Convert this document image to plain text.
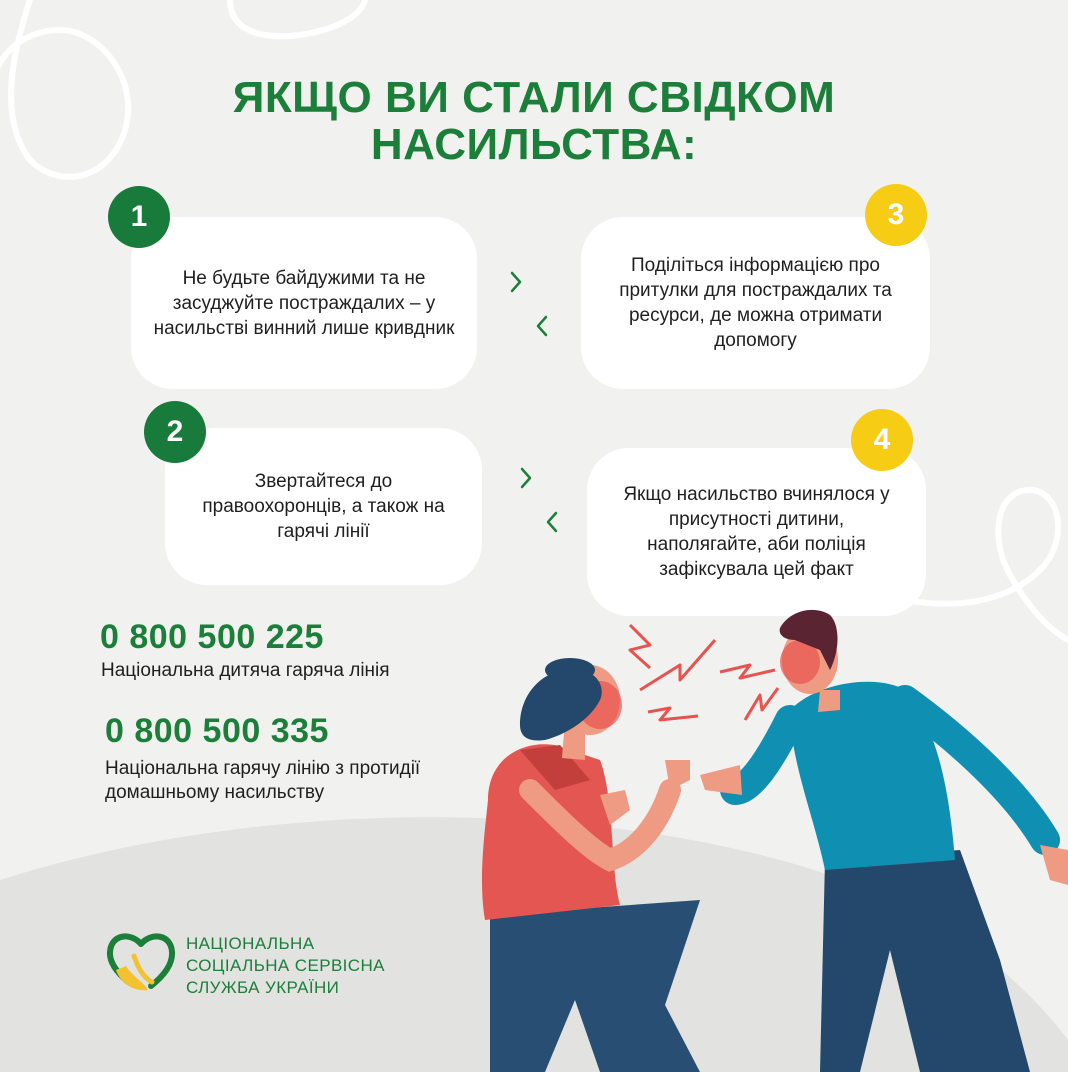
ЯКЩО ВИ СТАЛИ СВІДКОМ
НАСИЛЬСТВА:

Не будьте байдужими та не засуджуйте постраждалих – у насильстві винний лише кривдник

1

Поділіться інформацією про притулки для постраждалих та ресурси, де можна отримати допомогу

3

Звертайтеся до правоохоронців, а також на гарячі лінії

2

Якщо насильство вчинялося у присутності дитини, наполягайте, аби поліція зафіксувала цей факт

4

0 800 500 225

Національна дитяча гаряча лінія

0 800 500 335

Національна гарячу лінію з протидії домашньому насильству

НАЦІОНАЛЬНА
СОЦІАЛЬНА СЕРВІСНА
СЛУЖБА УКРАЇНИ
